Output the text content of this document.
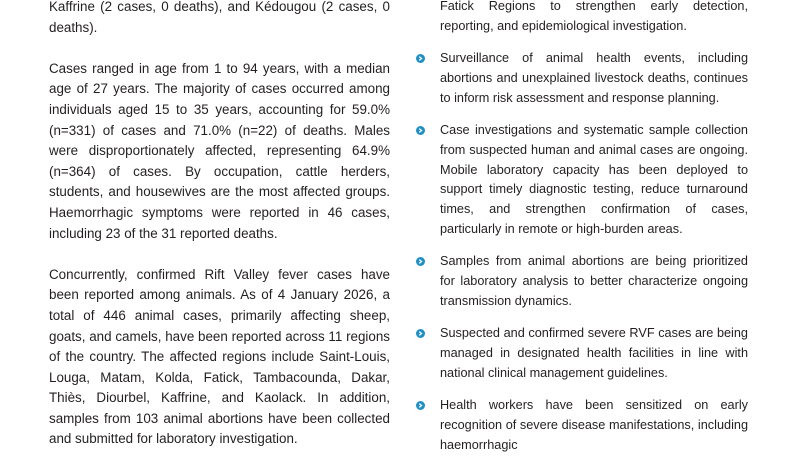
Kaffrine (2 cases, 0 deaths), and Kédougou (2 cases, 0 deaths).

Cases ranged in age from 1 to 94 years, with a median age of 27 years. The majority of cases occurred among individuals aged 15 to 35 years, accounting for 59.0% (n=331) of cases and 71.0% (n=22) of deaths. Males were disproportionately affected, representing 64.9% (n=364) of cases. By occupation, cattle herders, students, and housewives are the most affected groups. Haemorrhagic symptoms were reported in 46 cases, including 23 of the 31 reported deaths.

Concurrently, confirmed Rift Valley fever cases have been reported among animals. As of 4 January 2026, a total of 446 animal cases, primarily affecting sheep, goats, and camels, have been reported across 11 regions of the country. The affected regions include Saint-Louis, Louga, Matam, Kolda, Fatick, Tambacounda, Dakar, Thiès, Diourbel, Kaffrine, and Kaolack. In addition, samples from 103 animal abortions have been collected and submitted for laboratory investigation.

Fatick Regions to strengthen early detection, reporting, and epidemiological investigation.
Surveillance of animal health events, including abortions and unexplained livestock deaths, continues to inform risk assessment and response planning.
Case investigations and systematic sample collection from suspected human and animal cases are ongoing. Mobile laboratory capacity has been deployed to support timely diagnostic testing, reduce turnaround times, and strengthen confirmation of cases, particularly in remote or high-burden areas.
Samples from animal abortions are being prioritized for laboratory analysis to better characterize ongoing transmission dynamics.
Suspected and confirmed severe RVF cases are being managed in designated health facilities in line with national clinical management guidelines.
Health workers have been sensitized on early recognition of severe disease manifestations, including haemorrhagic
